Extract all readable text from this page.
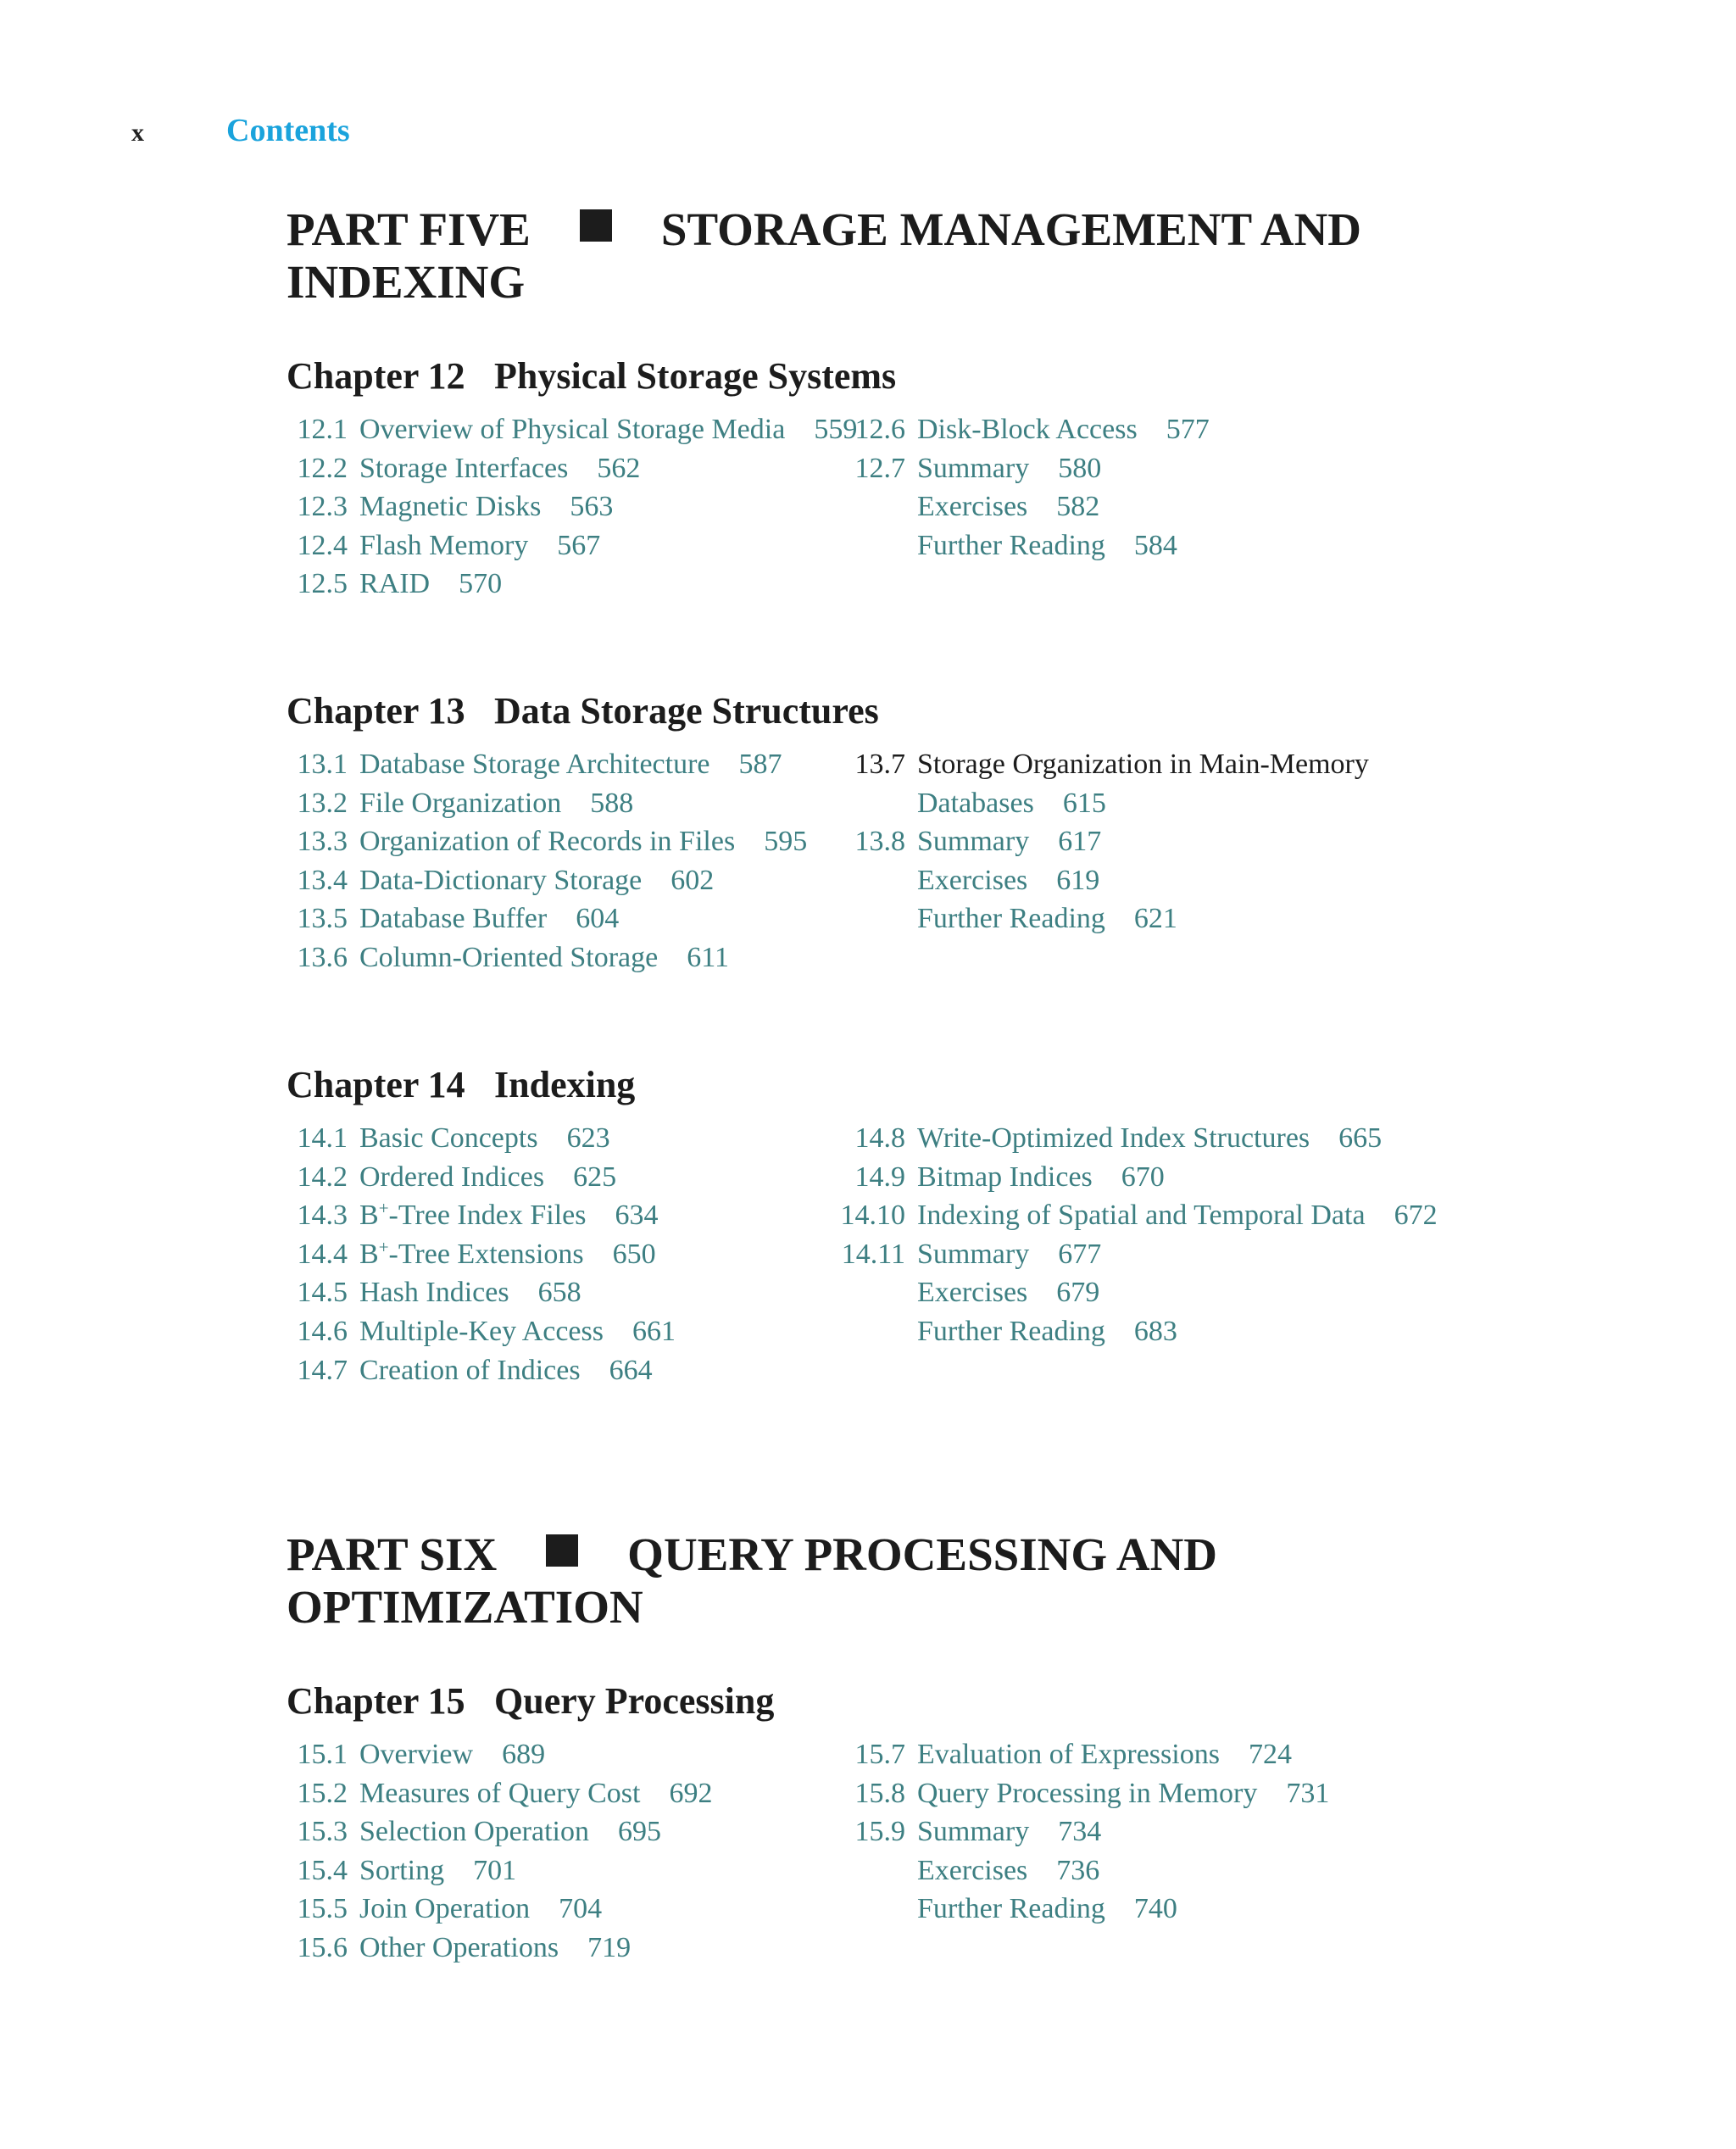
x	Contents
PART FIVE	STORAGE MANAGEMENT AND
INDEXING
Chapter 12 Physical Storage Systems
12.1 Overview of Physical Storage Media 559
12.2 Storage Interfaces 562
12.3 Magnetic Disks 563
12.4 Flash Memory 567
12.5 RAID 570
12.6 Disk-Block Access 577
12.7 Summary 580
Exercises 582
Further Reading 584
Chapter 13 Data Storage Structures
13.1 Database Storage Architecture 587
13.2 File Organization 588
13.3 Organization of Records in Files 595
13.4 Data-Dictionary Storage 602
13.5 Database Buffer 604
13.6 Column-Oriented Storage 611
13.7 Storage Organization in Main-Memory
Databases 615
13.8 Summary 617
Exercises 619
Further Reading 621
Chapter 14 Indexing
14.1 Basic Concepts 623
14.2 Ordered Indices 625
14.3 B+-Tree Index Files 634
14.4 B+-Tree Extensions 650
14.5 Hash Indices 658
14.6 Multiple-Key Access 661
14.7 Creation of Indices 664
14.8 Write-Optimized Index Structures 665
14.9 Bitmap Indices 670
14.10 Indexing of Spatial and Temporal Data 672
14.11 Summary 677
Exercises 679
Further Reading 683
PART SIX	QUERY PROCESSING AND
OPTIMIZATION
Chapter 15 Query Processing
15.1 Overview 689
15.2 Measures of Query Cost 692
15.3 Selection Operation 695
15.4 Sorting 701
15.5 Join Operation 704
15.6 Other Operations 719
15.7 Evaluation of Expressions 724
15.8 Query Processing in Memory 731
15.9 Summary 734
Exercises 736
Further Reading 740
